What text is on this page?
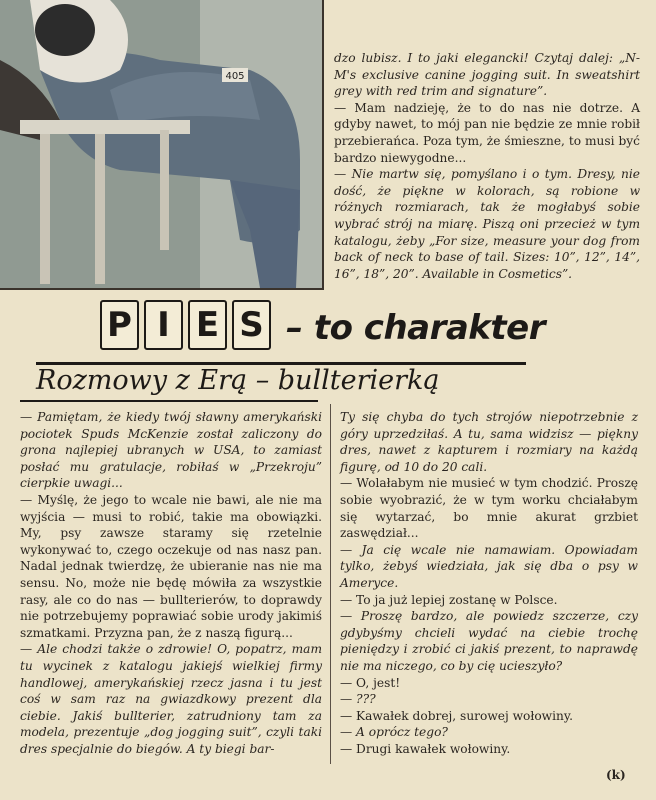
405

dzo lubisz. I to jaki elegancki! Czytaj dalej: „N-M's exclusive canine jogging suit. In sweatshirt grey with red trim and signature”.

— Mam nadzieję, że to do nas nie dotrze. A gdyby nawet, to mój pan nie będzie ze mnie robił przebierańca. Poza tym, że śmieszne, to musi być bardzo niewygodne...

— Nie martw się, pomyślano i o tym. Dresy, nie dość, że piękne w kolorach, są robione w różnych rozmiarach, tak że mogłabyś sobie wybrać strój na miarę. Piszą oni przecież w tym katalogu, żeby „For size, measure your dog from back of neck to base of tail. Sizes: 10”, 12”, 14”, 16”, 18”, 20”. Available in Cosmetics”.

P I E S – to charakter
Rozmowy z Erą – bullterierką

— Pamiętam, że kiedy twój sławny amerykański pociotek Spuds McKenzie został zaliczony do grona najlepiej ubranych w USA, to zamiast posłać mu gratulacje, robiłaś w „Przekroju” cierpkie uwagi...

— Myślę, że jego to wcale nie bawi, ale nie ma wyjścia — musi to robić, takie ma obowiązki. My, psy zawsze staramy się rzetelnie wykonywać to, czego oczekuje od nas nasz pan. Nadal jednak twierdzę, że ubieranie nas nie ma sensu. No, może nie będę mówiła za wszystkie rasy, ale co do nas — bullterierów, to doprawdy nie potrzebujemy poprawiać sobie urody jakimiś szmatkami. Przyzna pan, że z naszą figurą...

— Ale chodzi także o zdrowie! O, popatrz, mam tu wycinek z katalogu jakiejś wielkiej firmy handlowej, amerykańskiej rzecz jasna i tu jest coś w sam raz na gwiazdkowy prezent dla ciebie. Jakiś bullterier, zatrudniony tam za modela, prezentuje „dog jogging suit”, czyli taki dres specjalnie do biegów. A ty biegi bar-

Ty się chyba do tych strojów niepotrzebnie z góry uprzedziłaś. A tu, sama widzisz — piękny dres, nawet z kapturem i rozmiary na każdą figurę, od 10 do 20 cali.

— Wolałabym nie musieć w tym chodzić. Proszę sobie wyobrazić, że w tym worku chciałabym się wytarzać, bo mnie akurat grzbiet zaswędział...

— Ja cię wcale nie namawiam. Opowiadam tylko, żebyś wiedziała, jak się dba o psy w Ameryce.

— To ja już lepiej zostanę w Polsce.

— Proszę bardzo, ale powiedz szczerze, czy gdybyśmy chcieli wydać na ciebie trochę pieniędzy i zrobić ci jakiś prezent, to naprawdę nie ma niczego, co by cię ucieszyło?

— O, jest!

— ???

— Kawałek dobrej, surowej wołowiny.

— A oprócz tego?

— Drugi kawałek wołowiny.

(k)
